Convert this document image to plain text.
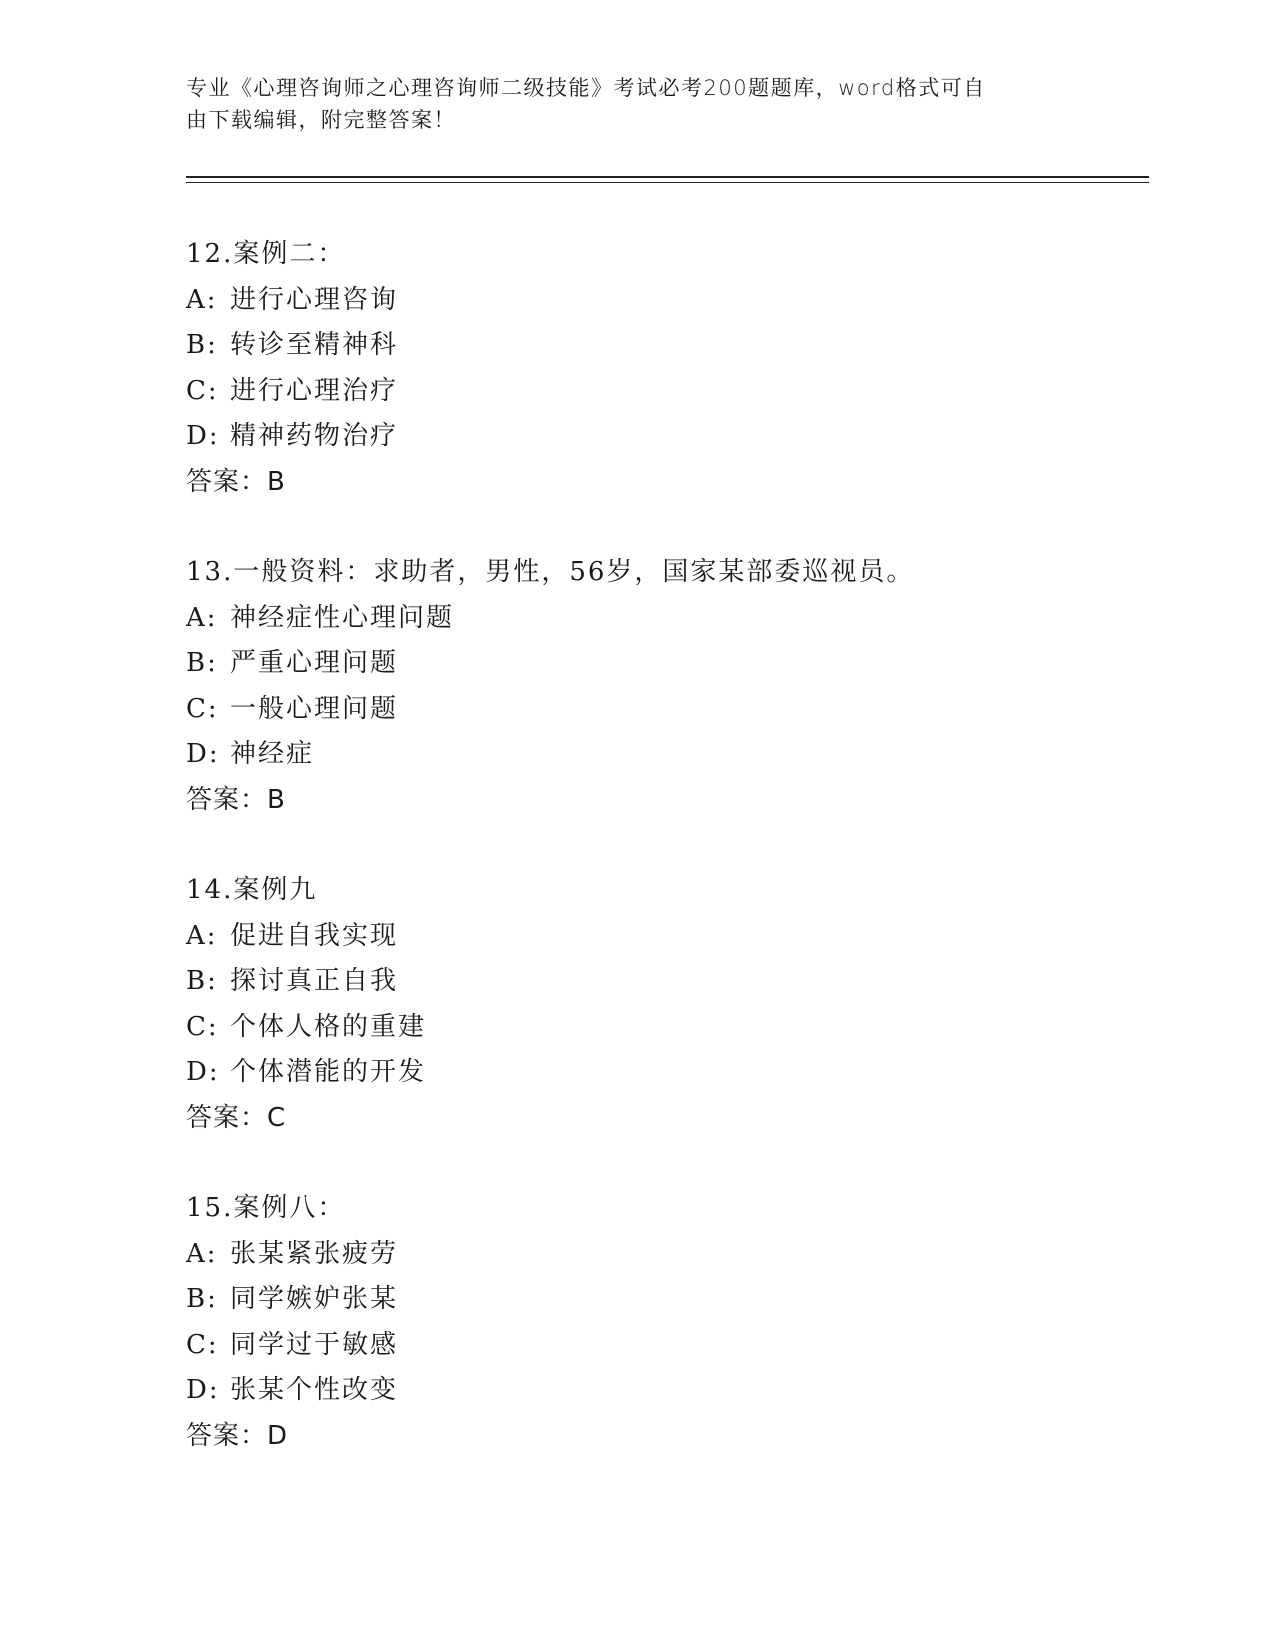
专业《心理咨询师之心理咨询师二级技能》考试必考200题题库，word格式可自
由下载编辑，附完整答案！
12.案例二：
A: 进行心理咨询
B: 转诊至精神科
C: 进行心理治疗
D: 精神药物治疗
答案：B
13.一般资料：求助者，男性，56岁，国家某部委巡视员。
A: 神经症性心理问题
B: 严重心理问题
C: 一般心理问题
D: 神经症
答案：B
14.案例九
A: 促进自我实现
B: 探讨真正自我
C: 个体人格的重建
D: 个体潜能的开发
答案：C
15.案例八：
A: 张某紧张疲劳
B: 同学嫉妒张某
C: 同学过于敏感
D: 张某个性改变
答案：D
